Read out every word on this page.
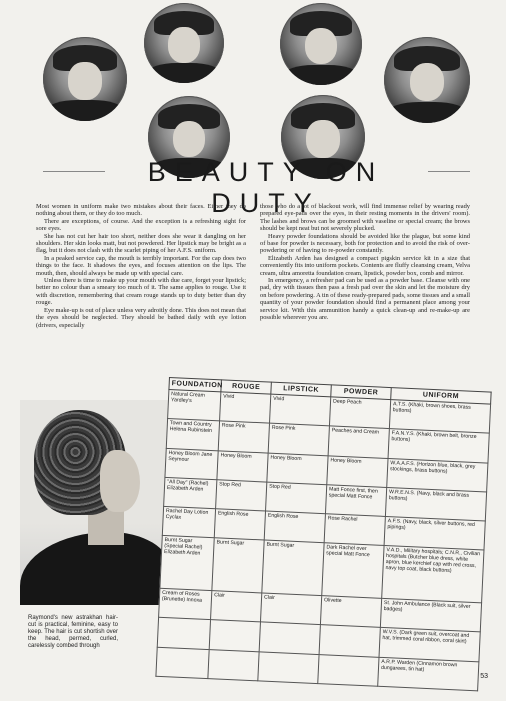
BEAUTY ON DUTY

Most women in uniform make two mistakes about their faces. Either they do nothing about them, or they do too much.

There are exceptions, of course. And the exception is a refreshing sight for sore eyes.

She has not cut her hair too short, neither does she wear it dangling on her shoulders. Her skin looks matt, but not powdered. Her lipstick may be bright as a flag, but it does not clash with the scarlet piping of her A.F.S. uniform.

In a peaked service cap, the mouth is terribly important. For the cap does two things to the face. It shadows the eyes, and focuses attention on the lips. The mouth, then, should always be made up with special care.

Unless there is time to make up your mouth with due care, forget your lipstick; better no colour than a smeary too much of it. The same applies to rouge. Use it with discretion, remembering that cream rouge stands up to duty better than dry rouge.

Eye make-up is out of place unless very adroitly done. This does not mean that the eyes should be neglected. They should be bathed daily with eye lotion (drivers, especially

those who do a lot of blackout work, will find immense relief by wearing ready prepared eye-pads over the eyes, in their resting moments in the drivers' room). The lashes and brows can be groomed with vaseline or special cream; the brows should be kept neat but not severely plucked.

Heavy powder foundations should be avoided like the plague, but some kind of base for powder is necessary, both for protection and to avoid the risk of over-powdering or of having to re-powder constantly.

Elizabeth Arden has designed a compact pigskin service kit in a size that conveniently fits into uniform pockets. Contents are fluffy cleansing cream, Velva cream, ultra amoretta foundation cream, lipstick, powder box, comb and mirror.

In emergency, a refresher pad can be used as a powder base. Cleanse with one pad, dry with tissues then pass a fresh pad over the skin and let the moisture dry on before powdering. A tin of these ready-prepared pads, some tissues and a small quantity of your powder foundation should find a permanent place among your service kit. With this ammunition handy a quick clean-up and re-make-up are possible wherever you are.

Raymond's new astrakhan hair-cut is practical, feminine, easy to keep. The hair is cut shortish over the head, permed, curled, carelessly combed through
FOUNDATION	ROUGE	LIPSTICK	POWDER	UNIFORM
Natural Cream Yardley's	Vivid	Vivid	Deep Peach	A.T.S. (Khaki, brown shoes, brass buttons)
Town and Country Helena Rubinstein	Rose Pink	Rose Pink	Peaches and Cream	F.A.N.Y.S. (Khaki, brown belt, bronze buttons)
Honey Bloom Jane Seymour	Honey Bloom	Honey Bloom	Honey Bloom	W.A.A.F.S. (Horizon blue, black, grey stockings, brass buttons)
"All Day" (Rachel) Elizabeth Arden	Stop Red	Stop Red	Matt Fonce first, then special Matt Fonce	W.R.E.N.S. (Navy, black and brass buttons)
Rachel Day Lotion Cyclax	English Rose	English Rose	Rose Rachel	A.F.S. (Navy, black, silver buttons, red pipings)
Burnt Sugar (Special Rachel) Elizabeth Arden	Burnt Sugar	Burnt Sugar	Dark Rachel over special Matt Fonce	V.A.D., Military hospitals; C.N.R., Civilian hospitals (Butcher blue dress, white apron, blue kerchief cap with red cross, navy top coat, black buttons)
Cream of Roses (Brunette) Innoxa	Clair	Clair	Olivette	St. John Ambulance (Black suit, silver badges)
				W.V.S. (Dark green suit, overcoat and hat, trimmed coral ribbon, coral skirt)
				A.R.P. Warden (Cinnamon brown dungarees, tin hat)
53
